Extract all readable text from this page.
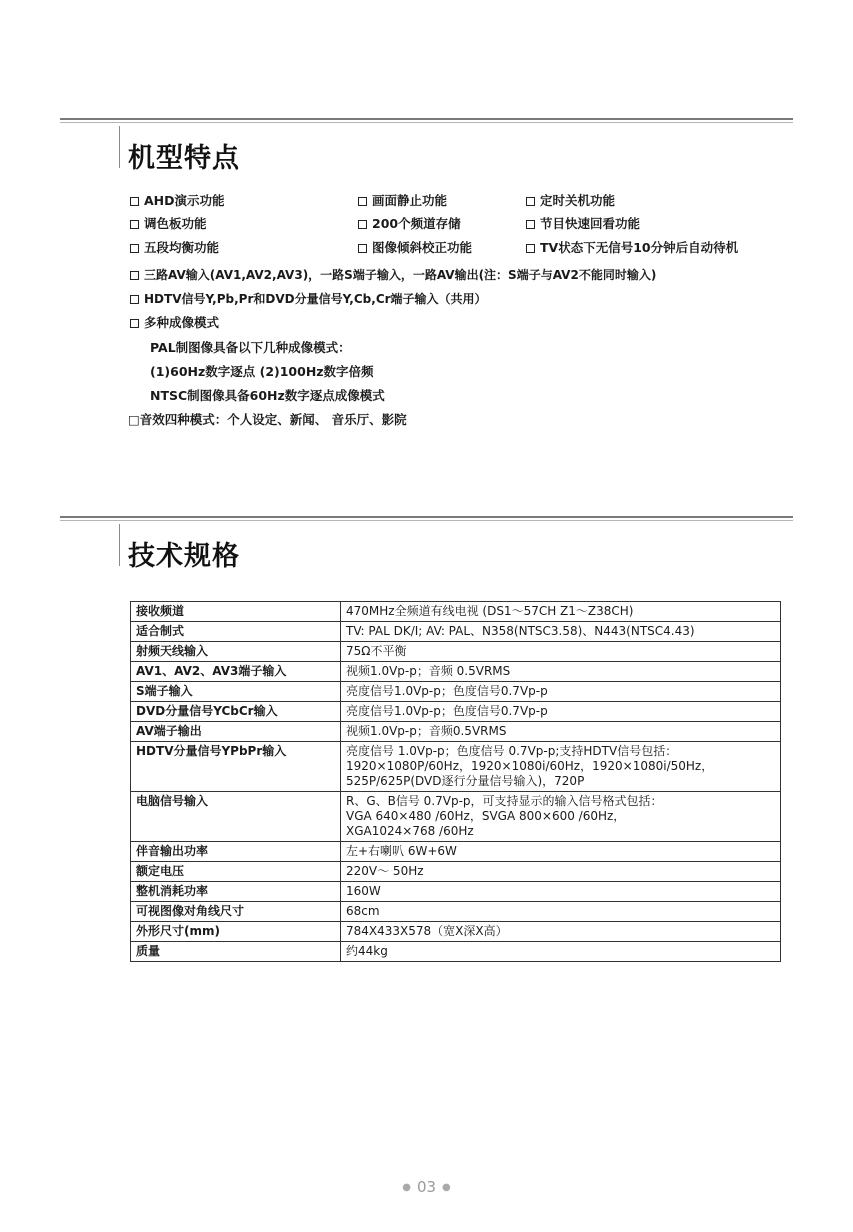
机型特点
AHD演示功能	画面静止功能	定时关机功能
调色板功能	200个频道存储	节目快速回看功能
五段均衡功能	图像倾斜校正功能	TV状态下无信号10分钟后自动待机
三路AV输入(AV1,AV2,AV3)，一路S端子输入，一路AV输出(注：S端子与AV2不能同时输入)
HDTV信号Y,Pb,Pr和DVD分量信号Y,Cb,Cr端子输入（共用）
多种成像模式
PAL制图像具备以下几种成像模式：
(1)60Hz数字逐点 (2)100Hz数字倍频
NTSC制图像具备60Hz数字逐点成像模式
□音效四种模式：个人设定、新闻、 音乐厅、影院
技术规格
接收频道	470MHz全频道有线电视 (DS1～57CH Z1～Z38CH)
适合制式	TV: PAL DK/I; AV: PAL、N358(NTSC3.58)、N443(NTSC4.43)
射频天线输入	75Ω不平衡
AV1、AV2、AV3端子输入	视频1.0Vp-p；音频 0.5VRMS
S端子输入	亮度信号1.0Vp-p；色度信号0.7Vp-p
DVD分量信号YCbCr输入	亮度信号1.0Vp-p；色度信号0.7Vp-p
AV端子输出	视频1.0Vp-p；音频0.5VRMS
HDTV分量信号YPbPr输入	亮度信号 1.0Vp-p；色度信号 0.7Vp-p;支持HDTV信号包括：
1920×1080P/60Hz，1920×1080i/60Hz，1920×1080i/50Hz，
525P/625P(DVD逐行分量信号输入)，720P
电脑信号输入	R、G、B信号 0.7Vp-p，可支持显示的输入信号格式包括：
VGA 640×480 /60Hz，SVGA 800×600 /60Hz，
XGA1024×768 /60Hz
伴音输出功率	左+右喇叭 6W+6W
额定电压	220V～ 50Hz
整机消耗功率	160W
可视图像对角线尺寸	68cm
外形尺寸(mm)	784X433X578（宽X深X高）
质量	约44kg
● 03 ●
